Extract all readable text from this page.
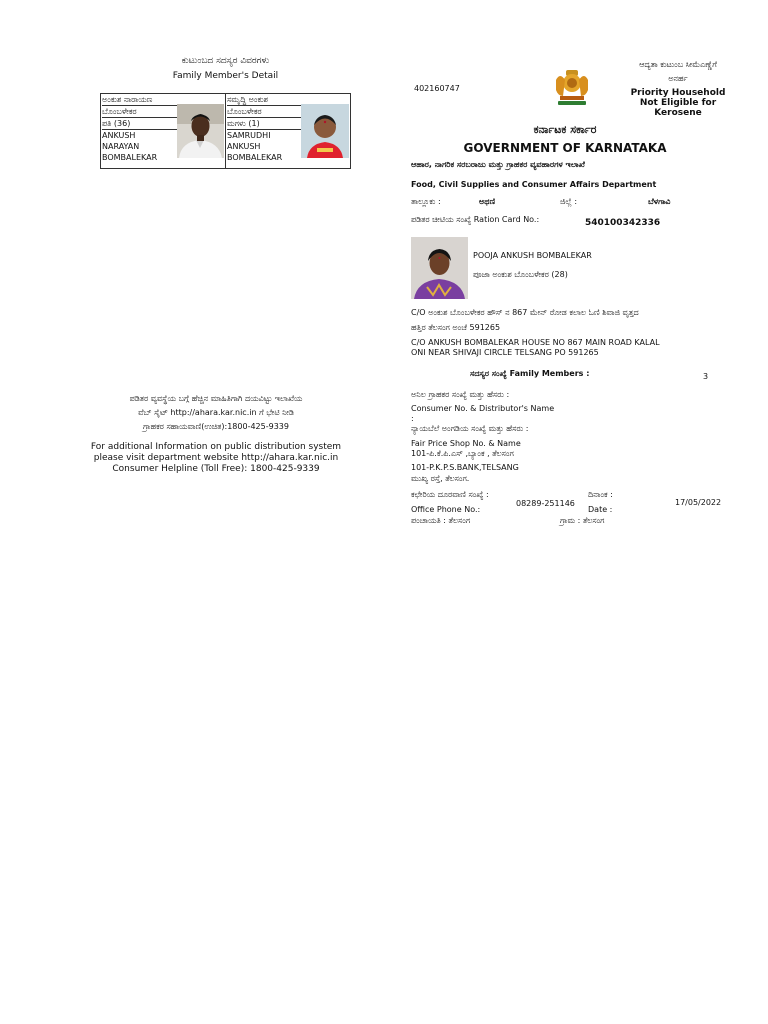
ಕುಟುಂಬದ ಸದಸ್ಯರ ವಿವರಗಳು
Family Member's Detail
ಅಂಕುಶ ನಾರಾಯಣ
ಬೊಂಬಳೇಕರ
ಪತಿ (36)
ANKUSH
NARAYAN
BOMBALEKAR
ಸಮೃದ್ಧಿ ಅಂಕುಶ
ಬೊಂಬಳೇಕರ
ಮಗಳು (1)
SAMRUDHI
ANKUSH
BOMBALEKAR
ಪಡಿತರ ವ್ಯವಸ್ಥೆಯ ಬಗ್ಗೆ ಹೆಚ್ಚಿನ ಮಾಹಿತಿಗಾಗಿ ದಯವಿಟ್ಟು ಇಲಾಖೆಯ
ವೆಬ್ ಸೈಟ್ http://ahara.kar.nic.in ಗೆ ಭೇಟಿ ನೀಡಿ
ಗ್ರಾಹಕರ ಸಹಾಯವಾಣಿ(ಉಚಿತ):1800-425-9339
For additional Information on public distribution system
please visit department website http://ahara.kar.nic.in
Consumer Helpline (Toll Free): 1800-425-9339
402160747
ಆದ್ಯತಾ ಕುಟುಂಬ ಸೀಮೆಎಣ್ಣೆಗೆ
ಅನರ್ಹ
Priority Household
Not Eligible for
Kerosene
ಕರ್ನಾಟಕ ಸರ್ಕಾರ
GOVERNMENT OF KARNATAKA
ಆಹಾರ, ನಾಗರಿಕ ಸರಬರಾಜು ಮತ್ತು ಗ್ರಾಹಕರ ವ್ಯವಹಾರಗಳ ಇಲಾಖೆ
Food, Civil Supplies and Consumer Affairs Department
ತಾಲ್ಲೂಕು :	ಅಥಣಿ	ಜಿಲ್ಲೆ :	ಬೆಳಗಾವಿ
ಪಡಿತರ ಚೀಟಿಯ ಸಂಖ್ಯೆ Ration Card No.:	540100342336
POOJA ANKUSH BOMBALEKAR
ಪೂಜಾ ಅಂಕುಶ ಬೊಂಬಳೇಕರ (28)
C/O ಅಂಕುಶ ಬೊಂಬಳೇಕರ ಹೌಸ್ ನ 867 ಮೇನ್ ರೋಡ ಕಲಾಲ ಓಣಿ ಶಿವಾಜಿ ವೃತ್ತದ
ಹತ್ತಿರ ತೆಲಸಂಗ ಅಂಚೆ 591265
C/O ANKUSH BOMBALEKAR HOUSE NO 867 MAIN ROAD KALAL
ONI NEAR SHIVAJI CIRCLE TELSANG PO 591265
ಸದಸ್ಯರ ಸಂಖ್ಯೆ Family Members :	3
ಅನಿಲ ಗ್ರಾಹಕರ ಸಂಖ್ಯೆ ಮತ್ತು ಹೆಸರು :
Consumer No. & Distributor's Name
:
ನ್ಯಾಯಬೆಲೆ ಅಂಗಡಿಯ ಸಂಖ್ಯೆ ಮತ್ತು ಹೆಸರು :
Fair Price Shop No. & Name
101-ಪಿ.ಕೆ.ಪಿ.ಎಸ್ ,ಬ್ಯಾಂಕ , ತೆಲಸಂಗ
101-P.K.P.S.BANK,TELSANG
ಮುಖ್ಯ ರಸ್ತೆ, ತೆಲಸಂಗ.
ಕಛೇರಿಯ ದೂರವಾಣಿ ಸಂಖ್ಯೆ :
Office Phone No.:
08289-251146
ದಿನಾಂಕ :
Date :
17/05/2022
ಪಂಚಾಯತಿ : ತೆಲಸಂಗ	ಗ್ರಾಮ : ತೆಲಸಂಗ
